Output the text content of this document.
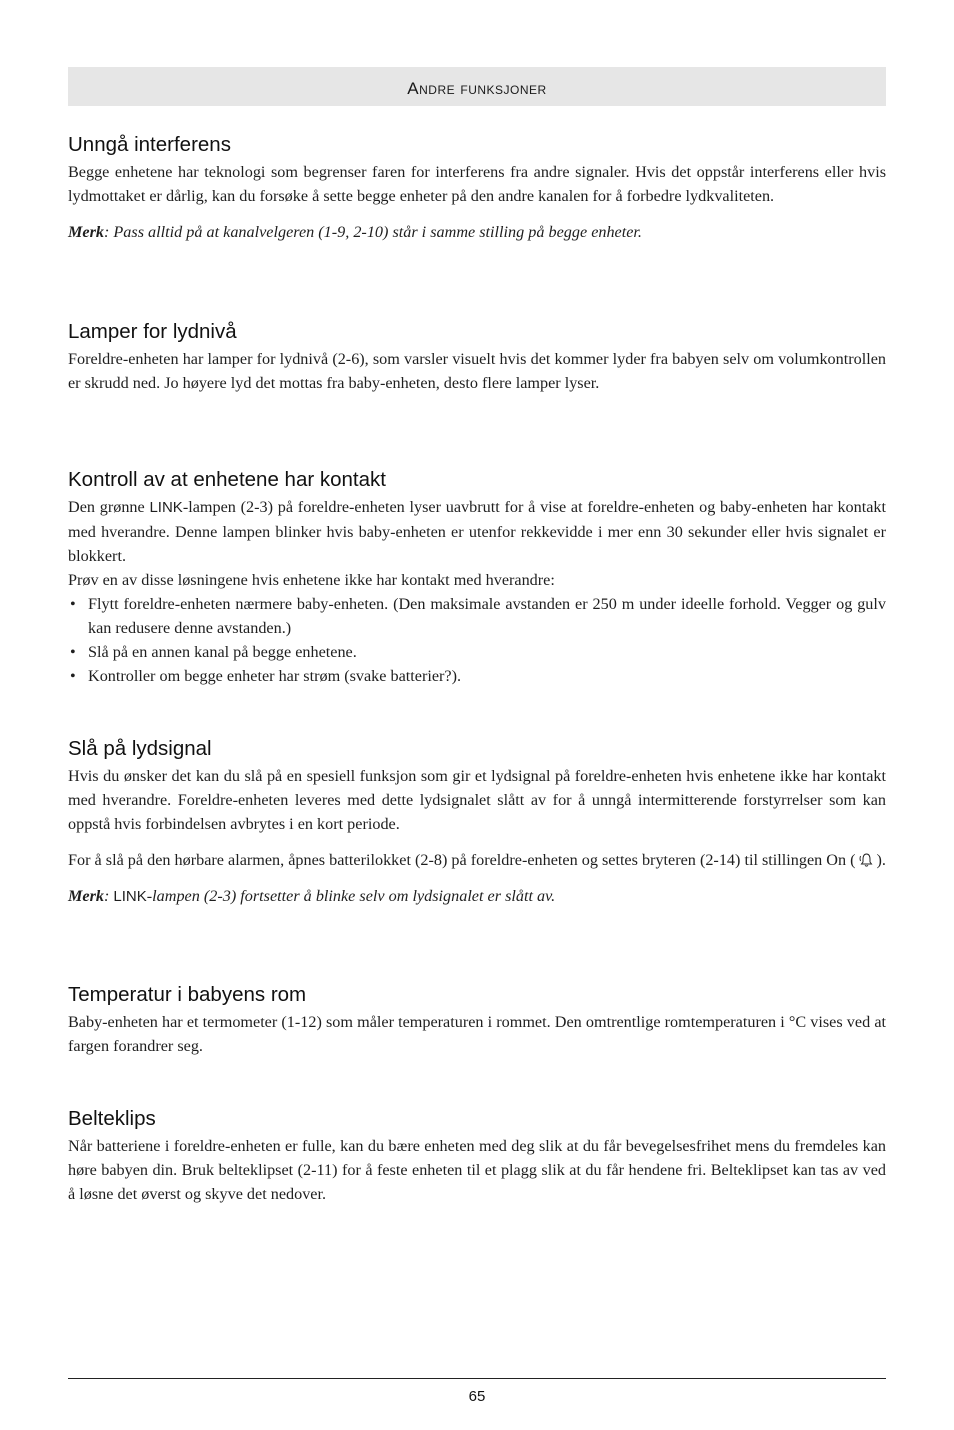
Andre funksjoner
Unngå interferens

Begge enhetene har teknologi som begrenser faren for interferens fra andre signaler. Hvis det oppstår interferens eller hvis lydmottaket er dårlig, kan du forsøke å sette begge enheter på den andre kanalen for å forbedre lydkvaliteten.

Merk: Pass alltid på at kanalvelgeren (1-9, 2-10) står i samme stilling på begge enheter.

Lamper for lydnivå

Foreldre-enheten har lamper for lydnivå (2-6), som varsler visuelt hvis det kommer lyder fra babyen selv om volumkontrollen er skrudd ned. Jo høyere lyd det mottas fra baby-enheten, desto flere lamper lyser.

Kontroll av at enhetene har kontakt

Den grønne LINK-lampen (2-3) på foreldre-enheten lyser uavbrutt for å vise at foreldre-enheten og baby-enheten har kontakt med hverandre. Denne lampen blinker hvis baby-enheten er utenfor rekkevidde i mer enn 30 sekunder eller hvis signalet er blokkert.

Prøv en av disse løsningene hvis enhetene ikke har kontakt med hverandre:

• Flytt foreldre-enheten nærmere baby-enheten. (Den maksimale avstanden er 250 m under ideelle forhold. Vegger og gulv kan redusere denne avstanden.)
• Slå på en annen kanal på begge enhetene.
• Kontroller om begge enheter har strøm (svake batterier?).
Slå på lydsignal

Hvis du ønsker det kan du slå på en spesiell funksjon som gir et lydsignal på foreldre-enheten hvis enhetene ikke har kontakt med hverandre. Foreldre-enheten leveres med dette lydsignalet slått av for å unngå intermitterende forstyrrelser som kan oppstå hvis forbindelsen avbrytes i en kort periode.

For å slå på den hørbare alarmen, åpnes batterilokket (2-8) på foreldre-enheten og settes bryteren (2-14) til stillingen On ( ).

Merk: LINK-lampen (2-3) fortsetter å blinke selv om lydsignalet er slått av.

Temperatur i babyens rom

Baby-enheten har et termometer (1-12) som måler temperaturen i rommet. Den omtrentlige romtemperaturen i °C vises ved at fargen forandrer seg.

Belteklips

Når batteriene i foreldre-enheten er fulle, kan du bære enheten med deg slik at du får bevegelsesfrihet mens du fremdeles kan høre babyen din. Bruk belteklipset (2-11) for å feste enheten til et plagg slik at du får hendene fri. Belteklipset kan tas av ved å løsne det øverst og skyve det nedover.

65
